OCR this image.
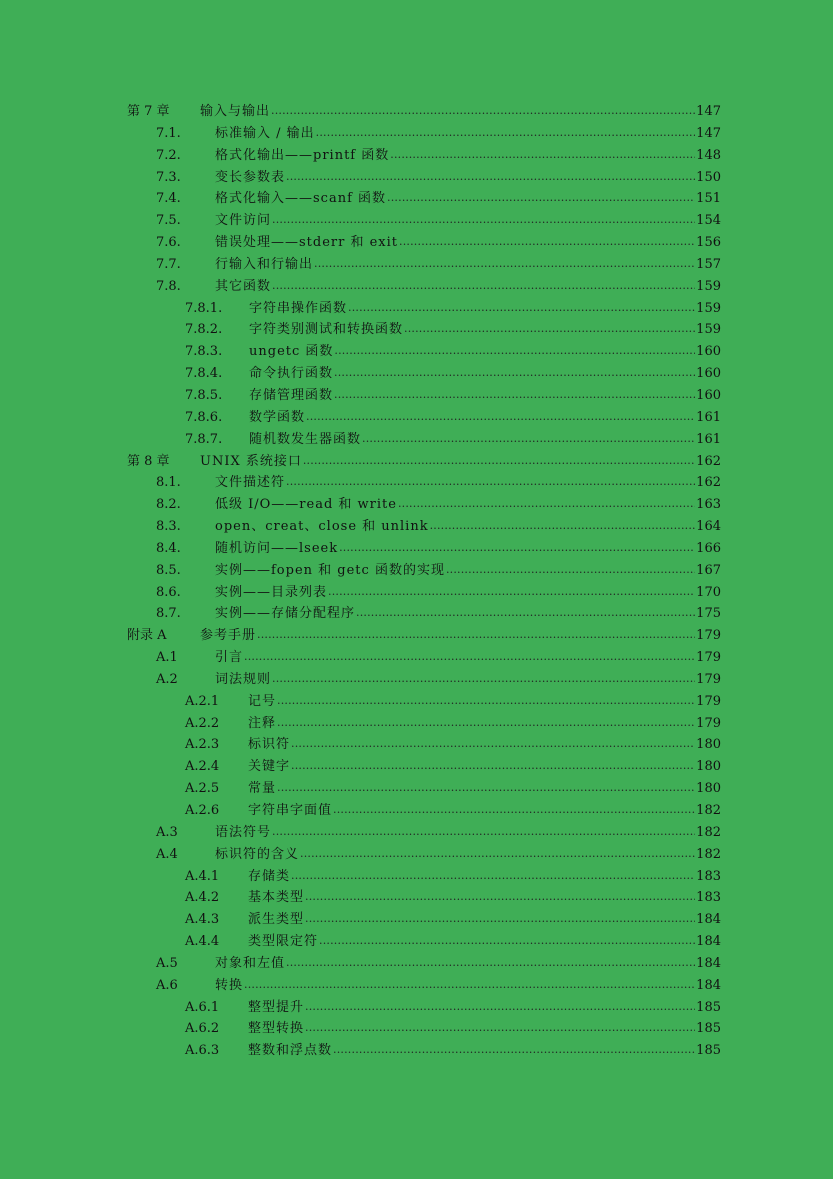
第 7 章	输入与输出 .....	147
7.1.	标准输入 / 输出 .....	147
7.2.	格式化输出——printf 函数 .....	148
7.3.	变长参数表 .....	150
7.4.	格式化输入——scanf 函数 .....	151
7.5.	文件访问 .....	154
7.6.	错误处理——stderr 和 exit .....	156
7.7.	行输入和行输出 .....	157
7.8.	其它函数 .....	159
7.8.1.	字符串操作函数 .....	159
7.8.2.	字符类别测试和转换函数 .....	159
7.8.3.	ungetc 函数 .....	160
7.8.4.	命令执行函数 .....	160
7.8.5.	存储管理函数 .....	160
7.8.6.	数学函数 .....	161
7.8.7.	随机数发生器函数 .....	161
第 8 章	UNIX 系统接口 .....	162
8.1.	文件描述符 .....	162
8.2.	低级 I/O——read 和 write .....	163
8.3.	open、creat、close 和 unlink .....	164
8.4.	随机访问——lseek .....	166
8.5.	实例——fopen 和 getc 函数的实现 .....	167
8.6.	实例——目录列表 .....	170
8.7.	实例——存储分配程序 .....	175
附录 A	参考手册 .....	179
A.1	引言 .....	179
A.2	词法规则 .....	179
A.2.1	记号 .....	179
A.2.2	注释 .....	179
A.2.3	标识符 .....	180
A.2.4	关键字 .....	180
A.2.5	常量 .....	180
A.2.6	字符串字面值 .....	182
A.3	语法符号 .....	182
A.4	标识符的含义 .....	182
A.4.1	存储类 .....	183
A.4.2	基本类型 .....	183
A.4.3	派生类型 .....	184
A.4.4	类型限定符 .....	184
A.5	对象和左值 .....	184
A.6	转换 .....	184
A.6.1	整型提升 .....	185
A.6.2	整型转换 .....	185
A.6.3	整数和浮点数 .....	185
